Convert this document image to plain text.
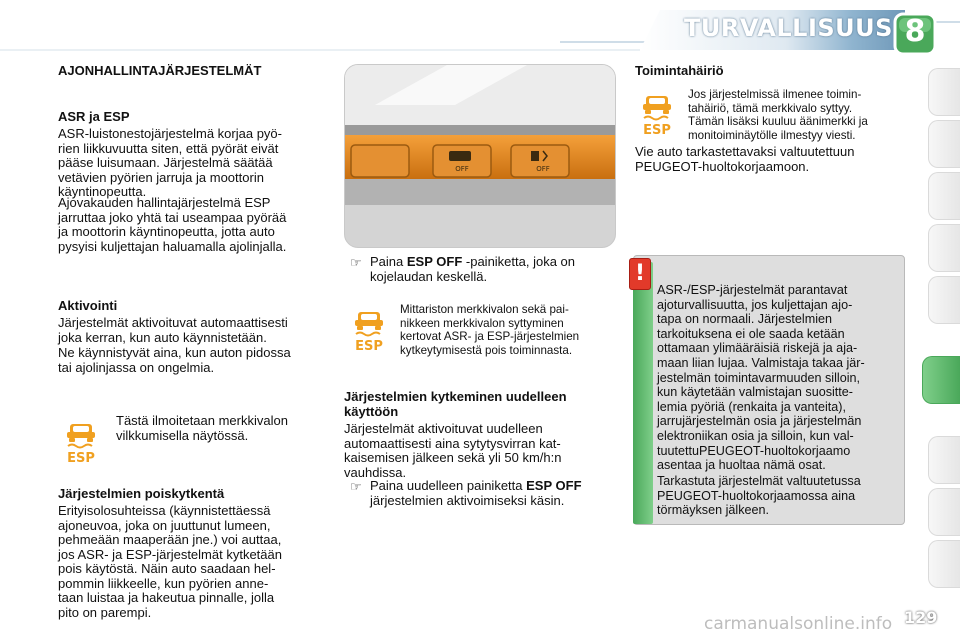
TURVALLISUUS 8
AJONHALLINTAJÄRJESTELMÄT
ASR ja ESP
ASR-luistonestojärjestelmä korjaa pyö-
rien liikkuvuutta siten, että pyörät eivät
pääse luisumaan. Järjestelmä säätää
vetävien pyörien jarruja ja moottorin
käyntinopeutta.
Ajovakauden hallintajärjestelmä ESP
jarruttaa joko yhtä tai useampaa pyörää
ja moottorin käyntinopeutta, jotta auto
pysyisi kuljettajan haluamalla ajolinjalla.
Aktivointi
Järjestelmät aktivoituvat automaattisesti
joka kerran, kun auto käynnistetään.
Ne käynnistyvät aina, kun auton pidossa
tai ajolinjassa on ongelmia.
ESP
Tästä ilmoitetaan merkkivalon
vilkkumisella näytössä.
Järjestelmien poiskytkentä
Erityisolosuhteissa (käynnistettäessä
ajoneuvoa, joka on juuttunut lumeen,
pehmeään maaperään jne.) voi auttaa,
jos ASR- ja ESP-järjestelmät kytketään
pois käytöstä. Näin auto saadaan hel-
pommin liikkeelle, kun pyörien anne-
taan luistaa ja hakeutua pinnalle, jolla
pito on parempi.
OFF	OFF
☞ Paina ESP OFF -painiketta, joka on
kojelaudan keskellä.
ESP
Mittariston merkkivalon sekä pai-
nikkeen merkkivalon syttyminen
kertovat ASR- ja ESP-järjestelmien
kytkeytymisestä pois toiminnasta.
Järjestelmien kytkeminen uudelleen
käyttöön
Järjestelmät aktivoituvat uudelleen
automaattisesti aina sytytysvirran kat-
kaisemisen jälkeen sekä yli 50 km/h:n
vauhdissa.
☞ Paina uudelleen painiketta ESP OFF
järjestelmien aktivoimiseksi käsin.
Toimintahäiriö
ESP
Jos järjestelmissä ilmenee toimin-
tahäiriö, tämä merkkivalo syttyy.
Tämän lisäksi kuuluu äänimerkki ja
monitoiminäytölle ilmestyy viesti.
Vie auto tarkastettavaksi valtuutettuun
PEUGEOT-huoltokorjaamoon.
!
ASR-/ESP-järjestelmät parantavat
ajoturvallisuutta, jos kuljettajan ajo-
tapa on normaali. Järjestelmien
tarkoituksena ei ole saada ketään
ottamaan ylimääräisiä riskejä ja aja-
maan liian lujaa. Valmistaja takaa jär-
jestelmän toimintavarmuuden silloin,
kun käytetään valmistajan suositte-
lemia pyöriä (renkaita ja vanteita),
jarrujärjestelmän osia ja järjestelmän
elektroniikan osia ja silloin, kun val-
tuutettuPEUGEOT-huoltokorjaamo
asentaa ja huoltaa nämä osat.
Tarkastuta järjestelmät valtuutetussa
PEUGEOT-huoltokorjaamossa aina
törmäyksen jälkeen.
carmanualsonline.info 129
